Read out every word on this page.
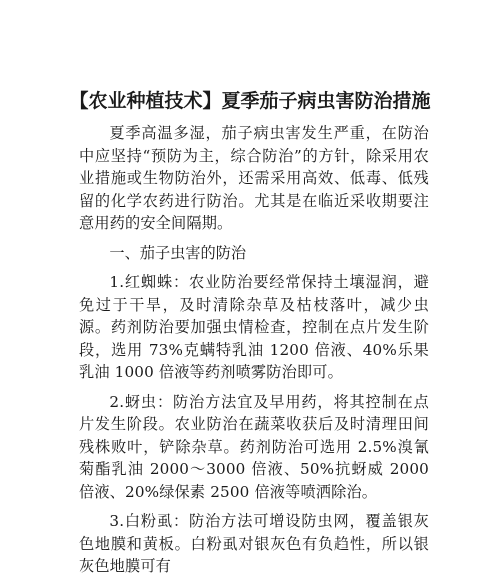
【农业种植技术】夏季茄子病虫害防治措施

夏季高温多湿，茄子病虫害发生严重，在防治中应坚持“预防为主，综合防治”的方针，除采用农业措施或生物防治外，还需采用高效、低毒、低残留的化学农药进行防治。尤其是在临近采收期要注意用药的安全间隔期。

一、茄子虫害的防治

1.红蜘蛛：农业防治要经常保持土壤湿润，避免过于干旱，及时清除杂草及枯枝落叶，减少虫源。药剂防治要加强虫情检查，控制在点片发生阶段，选用 73%克螨特乳油 1200 倍液、40%乐果乳油 1000 倍液等药剂喷雾防治即可。

2.蚜虫：防治方法宜及早用药，将其控制在点片发生阶段。农业防治在蔬菜收获后及时清理田间残株败叶，铲除杂草。药剂防治可选用 2.5%溴氰菊酯乳油 2000～3000 倍液、50%抗蚜威 2000 倍液、20%绿保素 2500 倍液等喷洒除治。

3.白粉虱：防治方法可增设防虫网，覆盖银灰色地膜和黄板。白粉虱对银灰色有负趋性，所以银灰色地膜可有
